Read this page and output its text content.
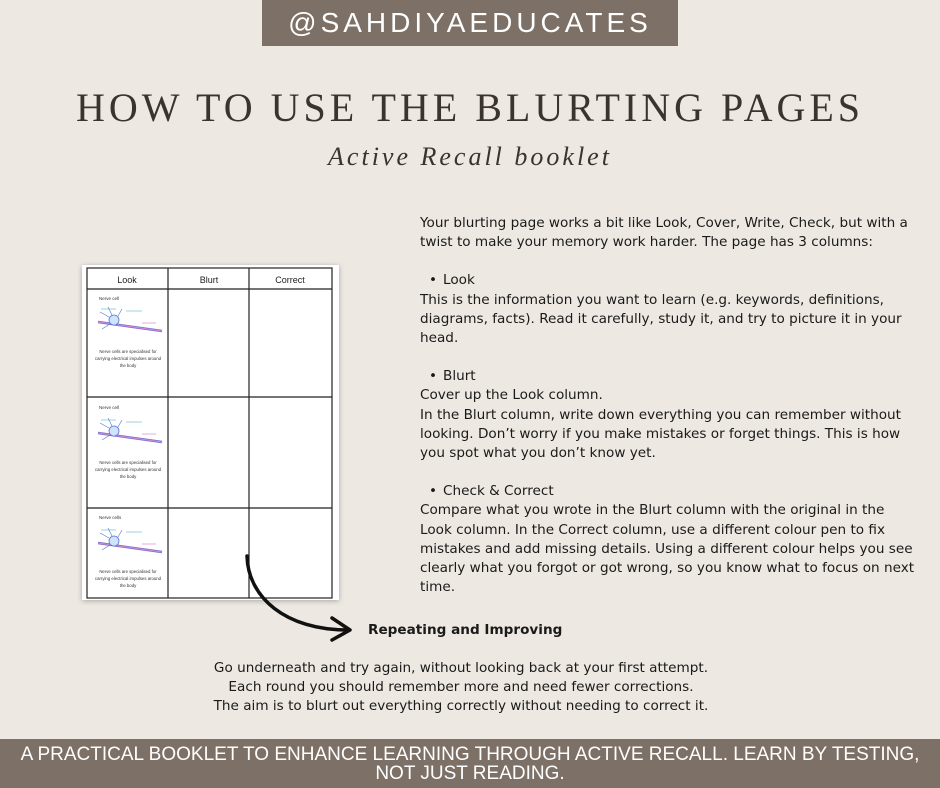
@SAHDIYAEDUCATES
HOW TO USE THE BLURTING PAGES
Active Recall booklet
Look	Blurt	Correct
Nerve cell
Nerve cells are specialised for
carrying electrical impulses around
the body
Nerve cell
Nerve cells are specialised for
carrying electrical impulses around
the body
Nerve cells
Nerve cells are specialised for
carrying electrical impulses around
the body

Your blurting page works a bit like Look, Cover, Write, Check, but with a twist to make your memory work harder. The page has 3 columns:

• Look

This is the information you want to learn (e.g. keywords, definitions, diagrams, facts). Read it carefully, study it, and try to picture it in your head.

• Blurt

Cover up the Look column.

In the Blurt column, write down everything you can remember without looking. Don’t worry if you make mistakes or forget things. This is how you spot what you don’t know yet.

• Check & Correct

Compare what you wrote in the Blurt column with the original in the Look column. In the Correct column, use a different colour pen to fix mistakes and add missing details. Using a different colour helps you see clearly what you forgot or got wrong, so you know what to focus on next time.

Repeating and Improving
Go underneath and try again, without looking back at your first attempt.
Each round you should remember more and need fewer corrections.
The aim is to blurt out everything correctly without needing to correct it.
A PRACTICAL BOOKLET TO ENHANCE LEARNING THROUGH ACTIVE RECALL. LEARN BY TESTING, NOT JUST READING.
